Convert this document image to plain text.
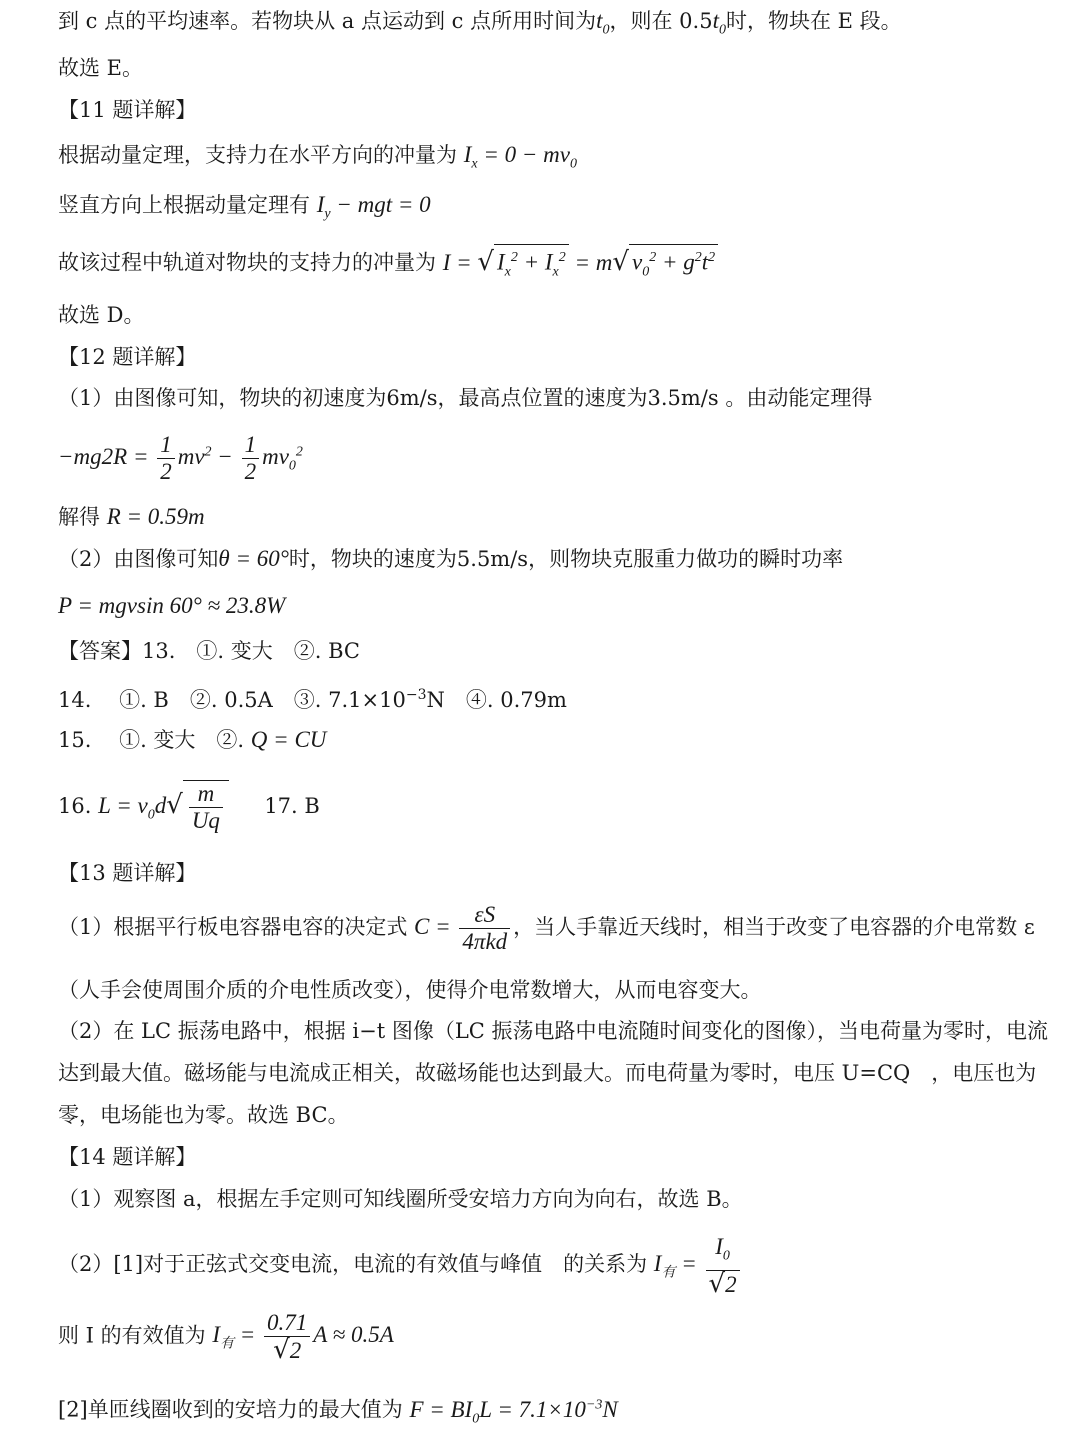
到 c 点的平均速率。若物块从 a 点运动到 c 点所用时间为$t_0$，则在 $0.5t_0$时，物块在 E 段。
故选 E。
【11 题详解】
根据动量定理，支持力在水平方向的冲量为 $I_x = 0 - mv_0$
竖直方向上根据动量定理有 $I_y$ − mgt = 0
故该过程中轨道对物块的支持力的冲量为 I = √ $I_x^2 + I_x^2 = m√$ $v_0^2 + g^2t^2$
故选 D。
【12 题详解】
（1）由图像可知，物块的初速度为6m/s，最高点位置的速度为3.5m/s 。由动能定理得
$-mg2R = \frac{1}{2} mv^2 - \frac{1}{2} mv_0^2$
解得 R = 0.59m
（2）由图像可知θ = 60°时，物块的速度为5.5m/s，则物块克服重力做功的瞬时功率
P = mgvsin 60° ≈ 23.8W
【答案】13.　①. 变大　②. BC
14.　 ①. B　②. 0.5A　③. $7.1\times 10^{-3}N$　④. 0.79m
15.　 ①. 变大　②. Q = CU
16. $L = v_0d√ \frac{m}{Uq} 17$. B
【13 题详解】
（1）根据平行板电容器电容的决定式 $C = \frac{\varepsilon S}{\text{4πkd}}$ ，当人手靠近天线时，相当于改变了电容器的介电常数 ε
（人手会使周围介质的介电性质改变），使得介电常数增大，从而电容变大。
（2）在 LC 振荡电路中，根据 i−t 图像（LC 振荡电路中电流随时间变化的图像），当电荷量为零时，电流
达到最大值。磁场能与电流成正相关，故磁场能也达到最大。而电荷量为零时，电压 U=CQ　，电压也为
零，电场能也为零。故选 BC。
【14 题详解】
（1）观察图 a，根据左手定则可知线圈所受安培力方向为向右，故选 B。
（2）[1]对于正弦式交变电流，电流的有效值与峰值　的关系为 $I_有 = \frac{I_0}{√2}$
则 I 的有效值为 $I_有 = \frac{0.71}{√2}$ A ≈ 0.5A
[2]单匝线圈收到的安培力的最大值为 $F = BI_0L = 7.1\times 10^{-3}N$
